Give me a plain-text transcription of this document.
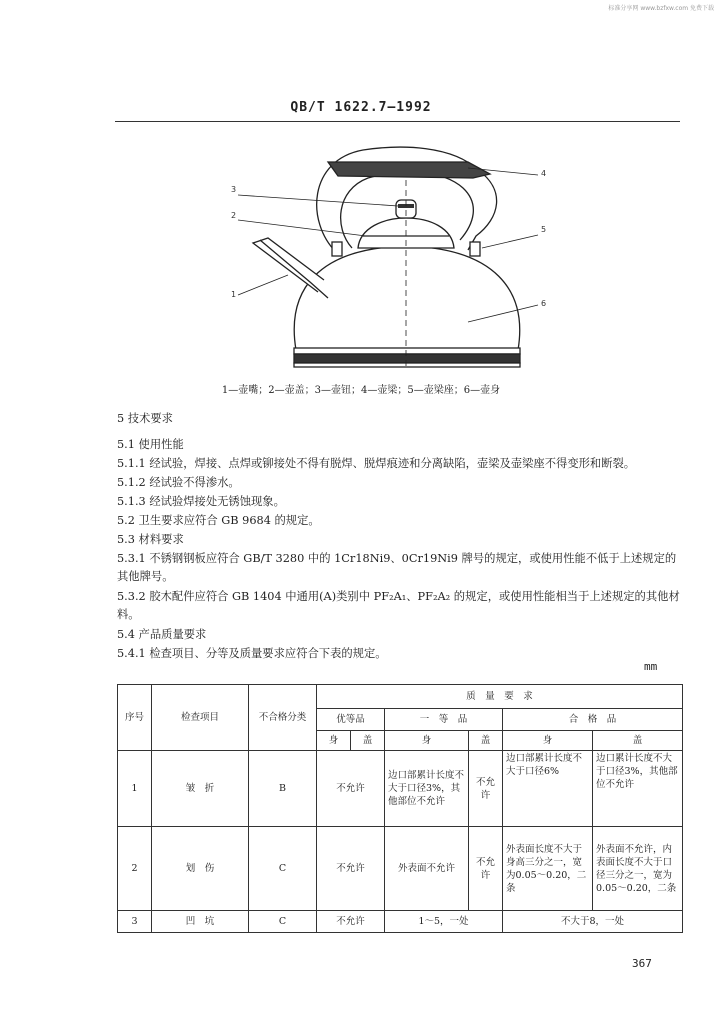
标准分享网 www.bzfxw.com 免费下载
QB/T 1622.7—1992
3
2
1
4
5
6
1—壶嘴；2—壶盖；3—壶钮；4—壶梁；5—壶梁座；6—壶身

5 技术要求

5.1 使用性能

5.1.1 经试验，焊接、点焊或铆接处不得有脱焊、脱焊痕迹和分离缺陷，壶梁及壶梁座不得变形和断裂。

5.1.2 经试验不得渗水。

5.1.3 经试验焊接处无锈蚀现象。

5.2 卫生要求应符合 GB 9684 的规定。

5.3 材料要求

5.3.1 不锈钢钢板应符合 GB/T 3280 中的 1Cr18Ni9、0Cr19Ni9 牌号的规定，或使用性能不低于上述规定的其他牌号。

5.3.2 胶木配件应符合 GB 1404 中通用(A)类别中 PF₂A₁、PF₂A₂ 的规定，或使用性能相当于上述规定的其他材料。

5.4 产品质量要求

5.4.1 检查项目、分等及质量要求应符合下表的规定。

mm
序号	检查项目	不合格分类	质　量　要　求					
			优等品		一　等　品		合　格　品	
			身	盖	身	盖	身	盖
1	皱　折	B	不允许		边口部累计长度不大于口径3%，其他部位不允许	不允许	边口部累计长度不大于口径6%	边口累计长度不大于口径3%，其他部位不允许
2	划　伤	C	不允许		外表面不允许	不允许	外表面长度不大于身高三分之一，宽为0.05～0.20，二条	外表面不允许，内表面长度不大于口径三分之一，宽为0.05～0.20，二条
3	凹　坑	C	不允许		1～5，一处		不大于8，一处	
367
